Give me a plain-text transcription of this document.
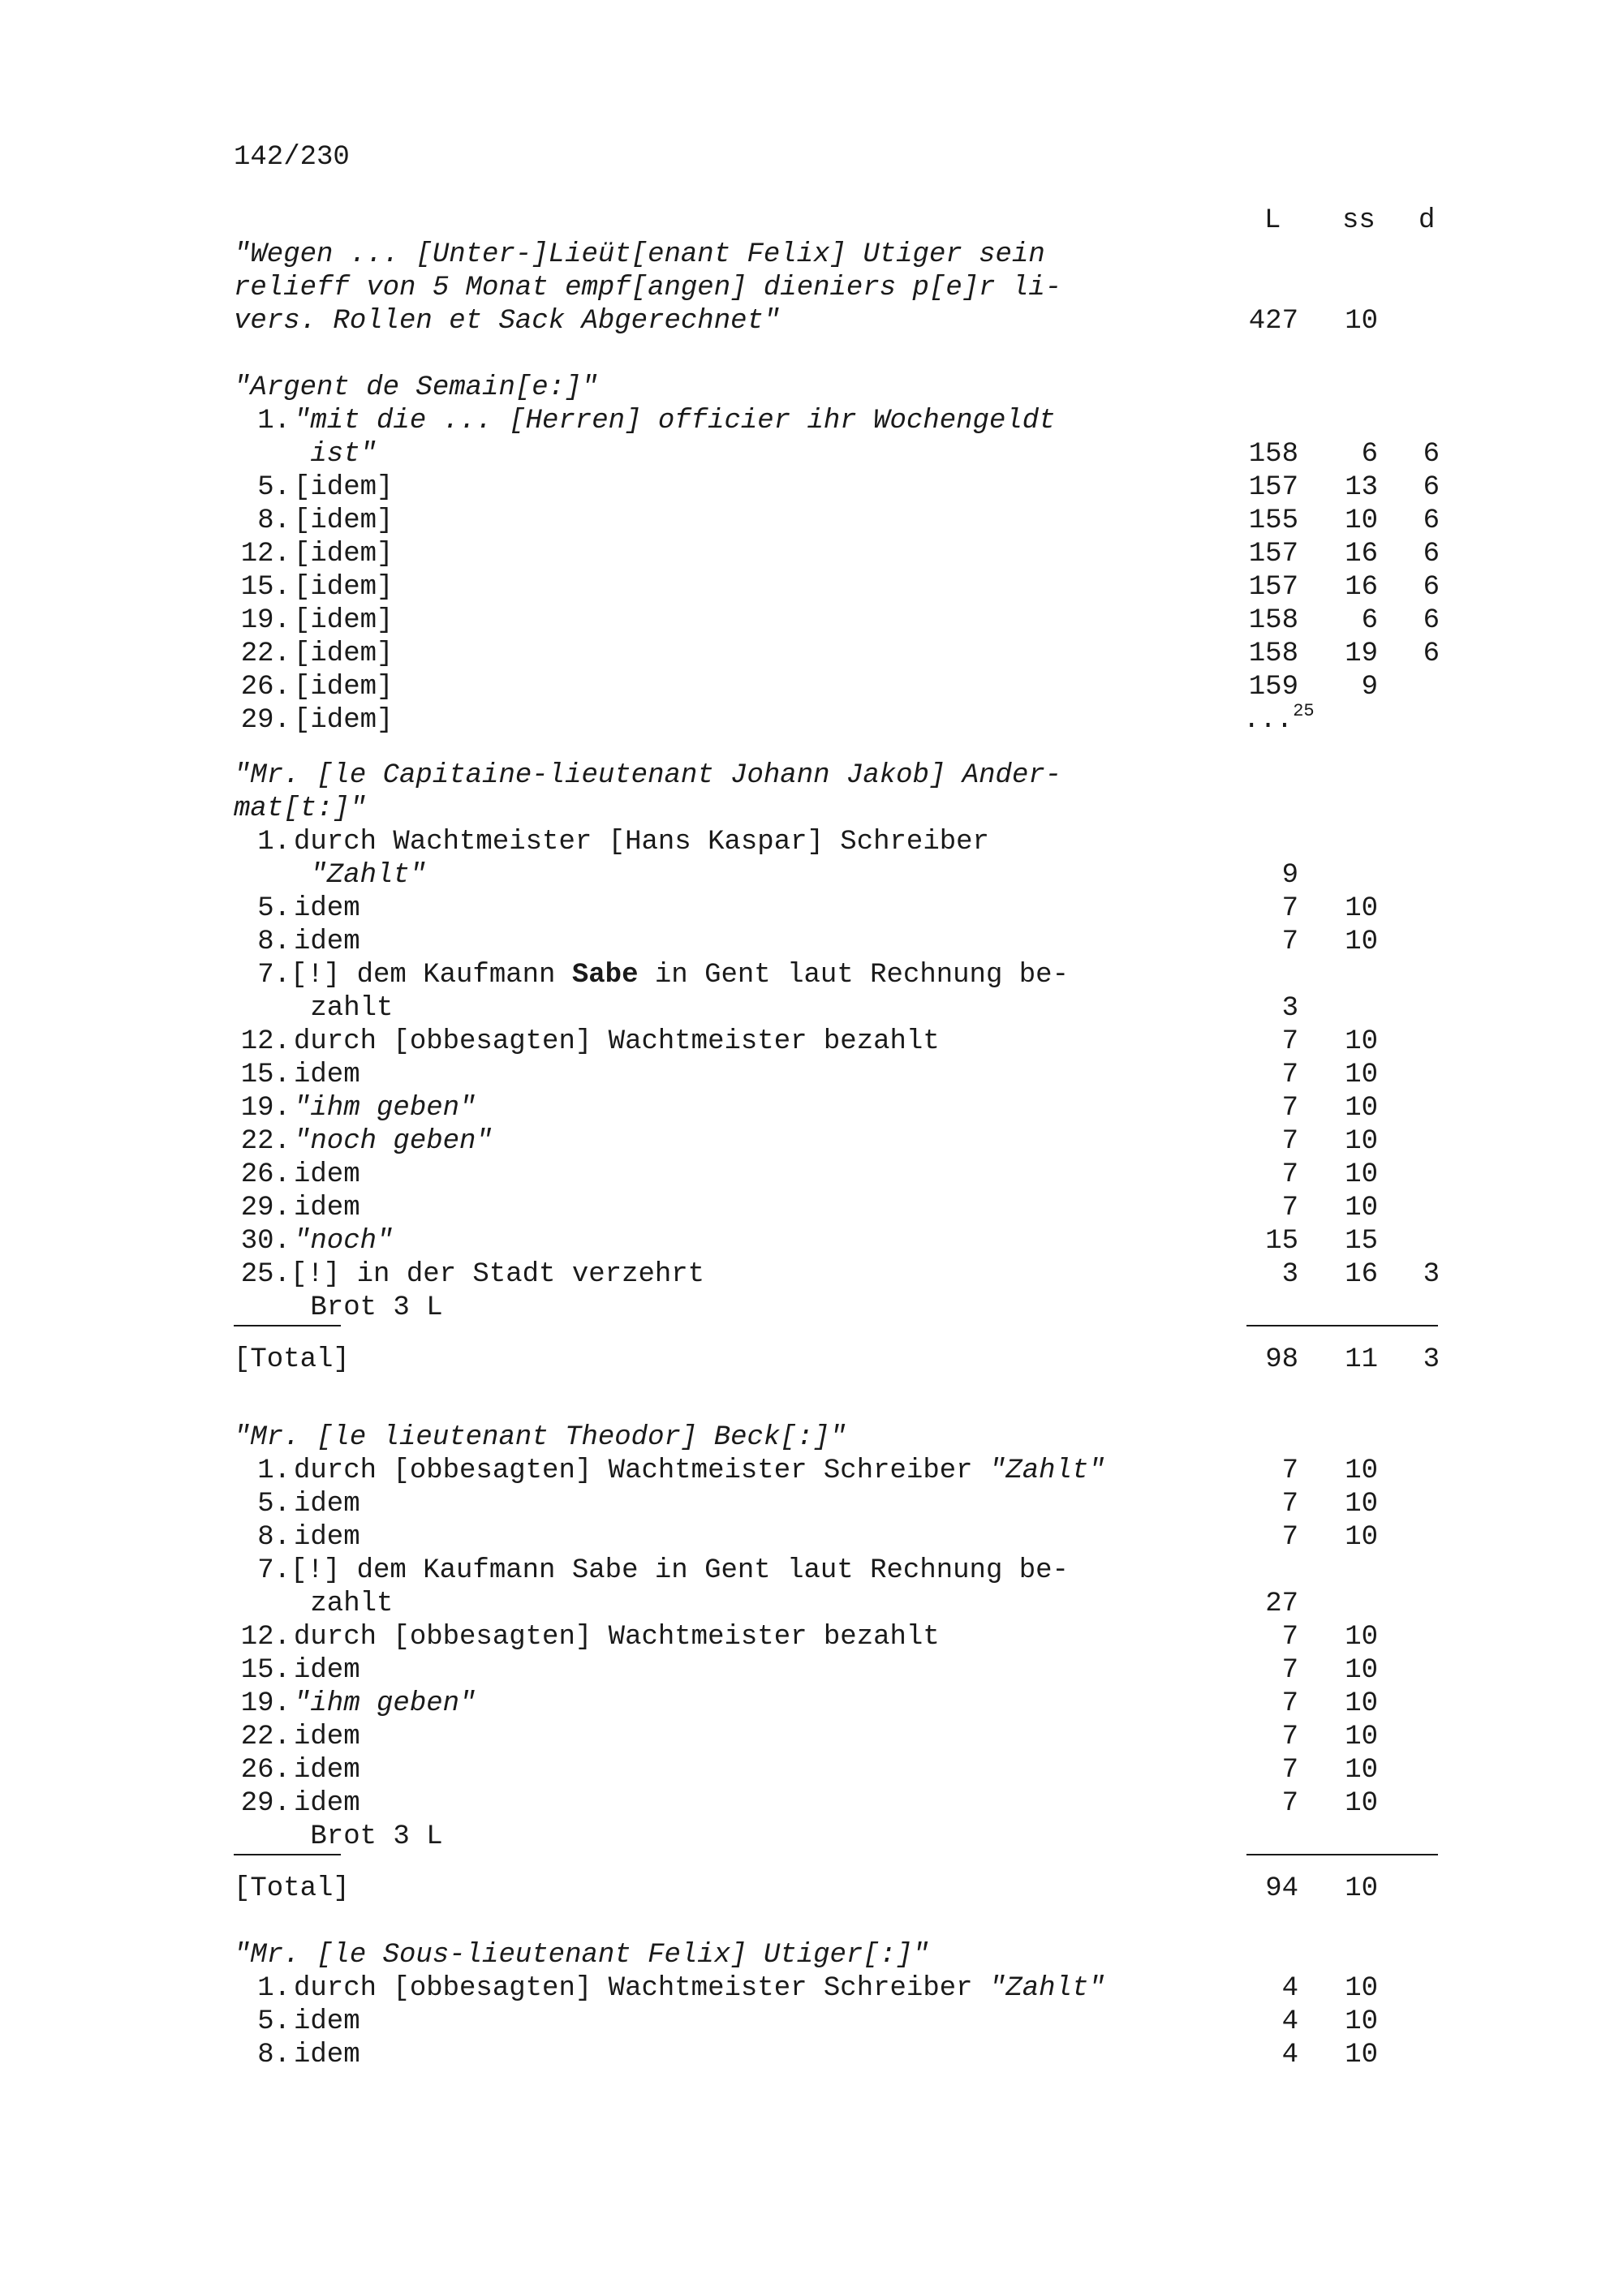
142/230
L ss d
"Wegen ... [Unter-]Lieüt[enant Felix] Utiger sein
relieff von 5 Monat empf[angen] dieniers p[e]r li-
vers. Rollen et Sack Abgerechnet"	427 10
"Argent de Semain[e:]"
1. "mit die ... [Herren] officier ihr Wochengeldt
ist"	158 6 6
5. [idem]	157 13 6
8. [idem]	155 10 6
12. [idem]	157 16 6
15. [idem]	157 16 6
19. [idem]	158 6 6
22. [idem]	158 19 6
26. [idem]	159 9
29. [idem]	...$^{25}$
"Mr. [le Capitaine-lieutenant Johann Jakob] Ander-
mat[t:]"
1. durch Wachtmeister [Hans Kaspar] Schreiber
"Zahlt"	9
5. idem	7 10
8. idem	7 10
7. [!] dem Kaufmann Sabe in Gent laut Rechnung be-
zahlt	3
12. durch [obbesagten] Wachtmeister bezahlt	7 10
15. idem	7 10
19. "ihm geben"	7 10
22. "noch geben"	7 10
26. idem	7 10
29. idem	7 10
30. "noch"	15 15
25. [!] in der Stadt verzehrt	3 16 3
Brot 3 L
[Total]	98 11 3
"Mr. [le lieutenant Theodor] Beck[:]"
1. durch [obbesagten] Wachtmeister Schreiber "Zahlt"	7 10
5. idem	7 10
8. idem	7 10
7. [!] dem Kaufmann Sabe in Gent laut Rechnung be-
zahlt	27
12. durch [obbesagten] Wachtmeister bezahlt	7 10
15. idem	7 10
19. "ihm geben"	7 10
22. idem	7 10
26. idem	7 10
29. idem	7 10
Brot 3 L
[Total]	94 10
"Mr. [le Sous-lieutenant Felix] Utiger[:]"
1. durch [obbesagten] Wachtmeister Schreiber "Zahlt"	4 10
5. idem	4 10
8. idem	4 10
